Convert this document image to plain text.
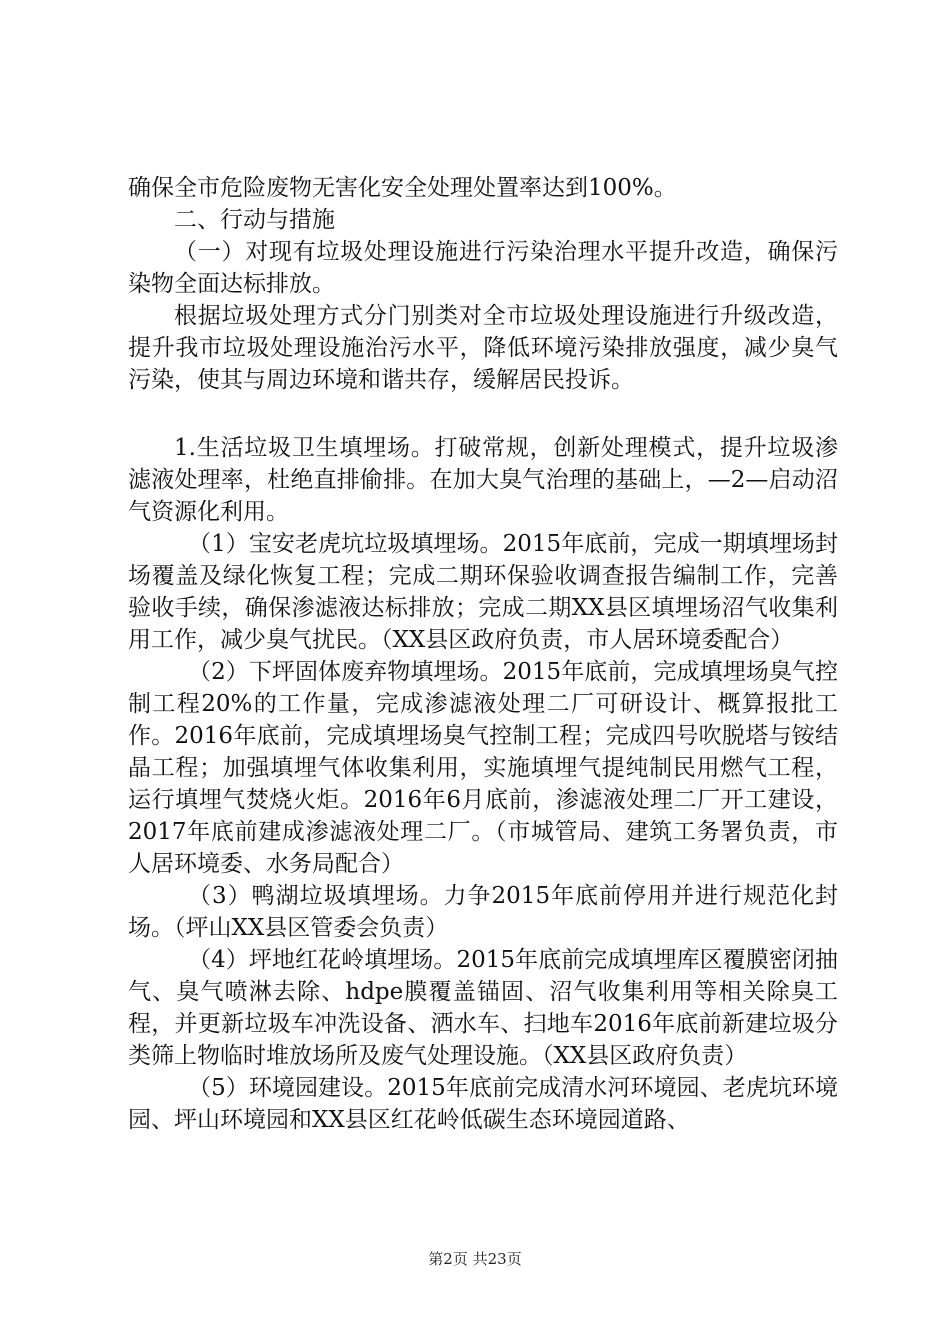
确保全市危险废物无害化安全处理处置率达到100%。

二、行动与措施

（一）对现有垃圾处理设施进行污染治理水平提升改造，确保污染物全面达标排放。

根据垃圾处理方式分门别类对全市垃圾处理设施进行升级改造，提升我市垃圾处理设施治污水平，降低环境污染排放强度，减少臭气污染，使其与周边环境和谐共存，缓解居民投诉。

1.生活垃圾卫生填埋场。打破常规，创新处理模式，提升垃圾渗滤液处理率，杜绝直排偷排。在加大臭气治理的基础上，—2—启动沼气资源化利用。

（1）宝安老虎坑垃圾填埋场。2015年底前，完成一期填埋场封场覆盖及绿化恢复工程；完成二期环保验收调查报告编制工作，完善验收手续，确保渗滤液达标排放；完成二期XX县区填埋场沼气收集利用工作，减少臭气扰民。（XX县区政府负责，市人居环境委配合）

（2）下坪固体废弃物填埋场。2015年底前，完成填埋场臭气控制工程20%的工作量，完成渗滤液处理二厂可研设计、概算报批工作。2016年底前，完成填埋场臭气控制工程；完成四号吹脱塔与铵结晶工程；加强填埋气体收集利用，实施填埋气提纯制民用燃气工程，运行填埋气焚烧火炬。2016年6月底前，渗滤液处理二厂开工建设，2017年底前建成渗滤液处理二厂。（市城管局、建筑工务署负责，市人居环境委、水务局配合）

（3）鸭湖垃圾填埋场。力争2015年底前停用并进行规范化封场。（坪山XX县区管委会负责）

（4）坪地红花岭填埋场。2015年底前完成填埋库区覆膜密闭抽气、臭气喷淋去除、hdpe膜覆盖锚固、沼气收集利用等相关除臭工程，并更新垃圾车冲洗设备、洒水车、扫地车2016年底前新建垃圾分类筛上物临时堆放场所及废气处理设施。（XX县区政府负责）

（5）环境园建设。2015年底前完成清水河环境园、老虎坑环境园、坪山环境园和XX县区红花岭低碳生态环境园道路、

第2页 共23页
